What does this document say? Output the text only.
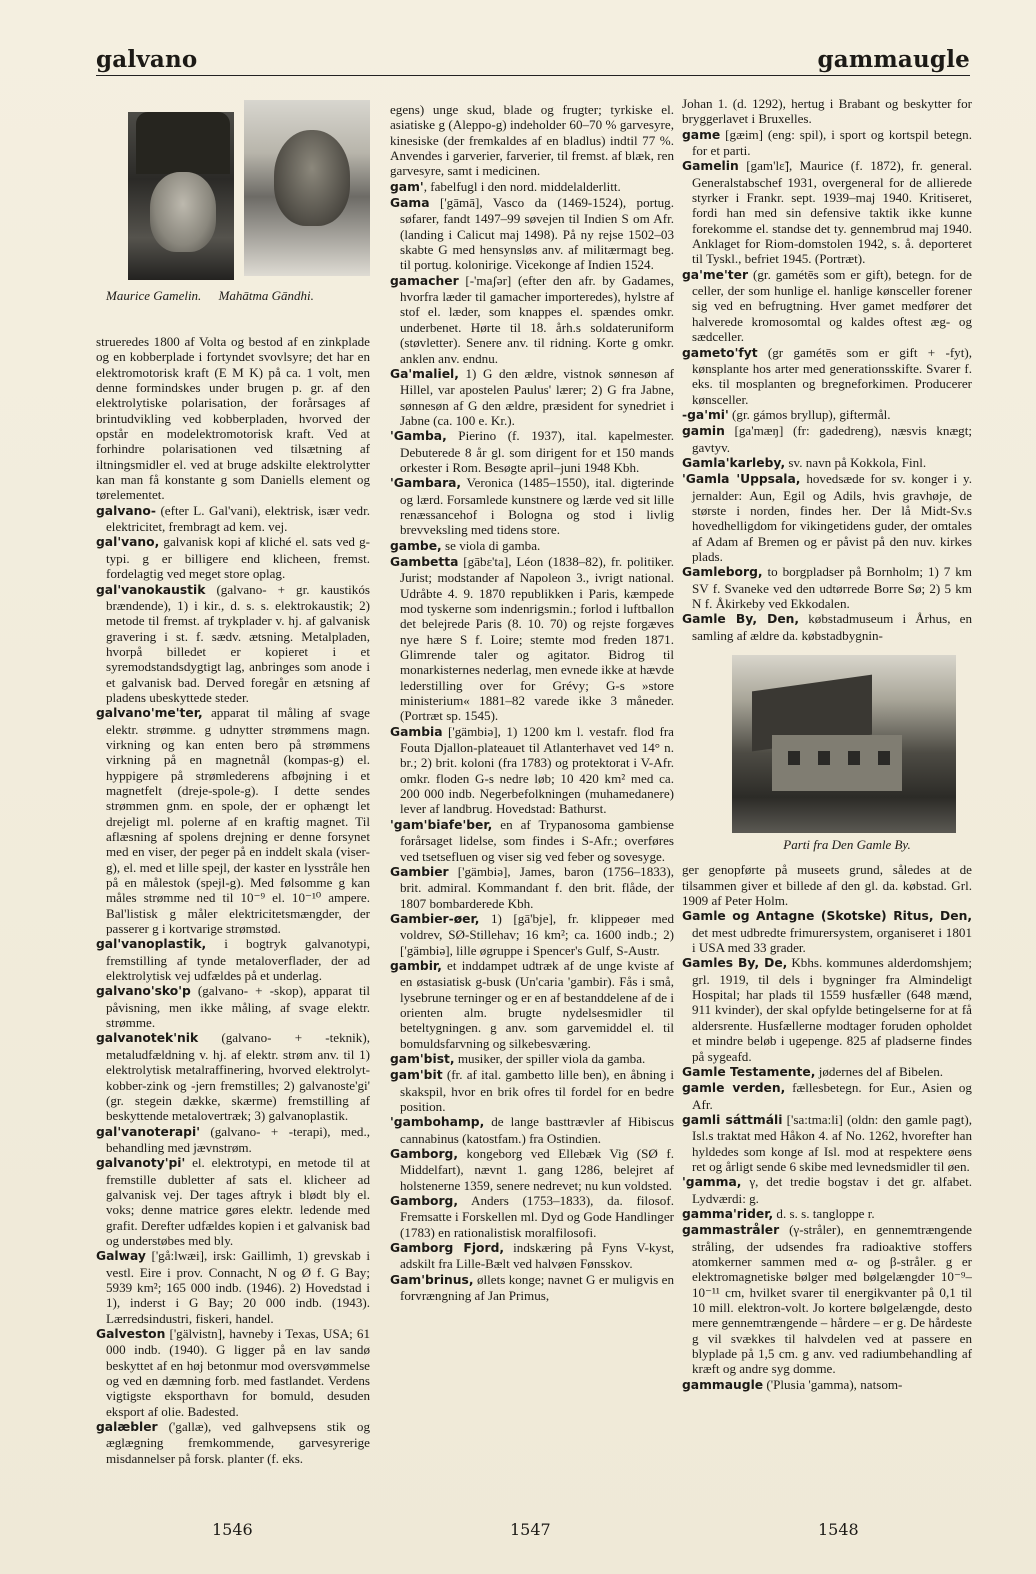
galvano	gammaugle
Maurice Gamelin. Mahātma Gāndhi.
strueredes 1800 af Volta og bestod af en zinkplade og en kobberplade i fortyndet svovlsyre; det har en elektromotorisk kraft (E M K) på ca. 1 volt, men denne formindskes under brugen p. gr. af den elektrolytiske polarisation, der forårsages af brintudvikling ved kobberpladen, hvorved der opstår en modelektromotorisk kraft. Ved at forhindre polarisationen ved tilsætning af iltningsmidler el. ved at bruge adskilte elektrolytter kan man få konstante g som Daniells element og tørelementet.
galvano- (efter L. Gal'vani), elektrisk, især vedr. elektricitet, frembragt ad kem. vej.
gal'vano, galvanisk kopi af kliché el. sats ved g-typi. g er billigere end klicheen, fremst. fordelagtig ved meget store oplag.
gal'vanokaustik (galvano- + gr. kaustikós brændende), 1) i kir., d. s. s. elektrokaustik; 2) metode til fremst. af trykplader v. hj. af galvanisk gravering i st. f. sædv. ætsning. Metalpladen, hvorpå billedet er kopieret i et syremodstandsdygtigt lag, anbringes som anode i et galvanisk bad. Derved foregår en ætsning af pladens ubeskyttede steder.
galvano'me'ter, apparat til måling af svage elektr. strømme. g udnytter strømmens magn. virkning og kan enten bero på strømmens virkning på en magnetnål (kompas-g) el. hyppigere på strømlederens afbøjning i et magnetfelt (dreje-spole-g). I dette sendes strømmen gnm. en spole, der er ophængt let drejeligt ml. polerne af en kraftig magnet. Til aflæsning af spolens drejning er denne forsynet med en viser, der peger på en inddelt skala (viser-g), el. med et lille spejl, der kaster en lysstråle hen på en målestok (spejl-g). Med følsomme g kan måles strømme ned til 10⁻⁹ el. 10⁻¹⁰ ampere. Bal'listisk g måler elektricitetsmængder, der passerer g i kortvarige strømstød.
gal'vanoplastik, i bogtryk galvanotypi, fremstilling af tynde metaloverflader, der ad elektrolytisk vej udfældes på et underlag.
galvano'sko'p (galvano- + -skop), apparat til påvisning, men ikke måling, af svage elektr. strømme.
galvanotek'nik (galvano- + -teknik), metaludfældning v. hj. af elektr. strøm anv. til 1) elektrolytisk metalraffinering, hvorved elektrolyt-kobber-zink og -jern fremstilles; 2) galvanoste'gi' (gr. stegein dække, skærme) fremstilling af beskyttende metalovertræk; 3) galvanoplastik.
gal'vanoterapi' (galvano- + -terapi), med., behandling med jævnstrøm.
galvanoty'pi' el. elektrotypi, en metode til at fremstille dubletter af sats el. klicheer ad galvanisk vej. Der tages aftryk i blødt bly el. voks; denne matrice gøres elektr. ledende med grafit. Derefter udfældes kopien i et galvanisk bad og understøbes med bly.
Galway ['gå:lwæi], irsk: Gaillimh, 1) grevskab i vestl. Eire i prov. Connacht, N og Ø f. G Bay; 5939 km²; 165 000 indb. (1946). 2) Hovedstad i 1), inderst i G Bay; 20 000 indb. (1943). Lærredsindustri, fiskeri, handel.
Galveston ['gälvistn], havneby i Texas, USA; 61 000 indb. (1940). G ligger på en lav sandø beskyttet af en høj betonmur mod oversvømmelse og ved en dæmning forb. med fastlandet. Verdens vigtigste eksporthavn for bomuld, desuden eksport af olie. Badested.
galæbler ('gallæ), ved galhvepsens stik og æglægning fremkommende, garvesyrerige misdannelser på forsk. planter (f. eks.
egens) unge skud, blade og frugter; tyrkiske el. asiatiske g (Aleppo-g) indeholder 60–70 % garvesyre, kinesiske (der fremkaldes af en bladlus) indtil 77 %. Anvendes i garverier, farverier, til fremst. af blæk, ren garvesyre, samt i medicinen.
gam', fabelfugl i den nord. middelalderlitt.
Gama ['gāmā], Vasco da (1469-1524), portug. søfarer, fandt 1497–99 søvejen til Indien S om Afr. (landing i Calicut maj 1498). På ny rejse 1502–03 skabte G med hensynsløs anv. af militærmagt beg. til portug. kolonirige. Vicekonge af Indien 1524.
gamacher [-'maʃər] (efter den afr. by Gadames, hvorfra læder til gamacher importeredes), hylstre af stof el. læder, som knappes el. spændes omkr. underbenet. Hørte til 18. årh.s soldateruniform (støvletter). Senere anv. til ridning. Korte g omkr. anklen anv. endnu.
Ga'maliel, 1) G den ældre, vistnok sønnesøn af Hillel, var apostelen Paulus' lærer; 2) G fra Jabne, sønnesøn af G den ældre, præsident for synedriet i Jabne (ca. 100 e. Kr.).
'Gamba, Pierino (f. 1937), ital. kapelmester. Debuterede 8 år gl. som dirigent for et 150 mands orkester i Rom. Besøgte april–juni 1948 Kbh.
'Gambara, Veronica (1485–1550), ital. digterinde og lærd. Forsamlede kunstnere og lærde ved sit lille renæssancehof i Bologna og stod i livlig brevveksling med tidens store.
gambe, se viola di gamba.
Gambetta [gābɛ'ta], Léon (1838–82), fr. politiker. Jurist; modstander af Napoleon 3., ivrigt national. Udråbte 4. 9. 1870 republikken i Paris, kæmpede mod tyskerne som indenrigsmin.; forlod i luftballon det belejrede Paris (8. 10. 70) og rejste forgæves nye hære S f. Loire; stemte mod freden 1871. Glimrende taler og agitator. Bidrog til monarkisternes nederlag, men evnede ikke at hævde lederstilling over for Grévy; G-s »store ministerium« 1881–82 varede ikke 3 måneder. (Portræt sp. 1545).
Gambia ['gämbiə], 1) 1200 km l. vestafr. flod fra Fouta Djallon-plateauet til Atlanterhavet ved 14° n. br.; 2) brit. koloni (fra 1783) og protektorat i V-Afr. omkr. floden G-s nedre løb; 10 420 km² med ca. 200 000 indb. Negerbefolkningen (muhamedanere) lever af landbrug. Hovedstad: Bathurst.
'gam'biafe'ber, en af Trypanosoma gambiense forårsaget lidelse, som findes i S-Afr.; overføres ved tsetsefluen og viser sig ved feber og sovesyge.
Gambier ['gämbiə], James, baron (1756–1833), brit. admiral. Kommandant f. den brit. flåde, der 1807 bombarderede Kbh.
Gambier-øer, 1) [gā'bje], fr. klippeøer med voldrev, SØ-Stillehav; 16 km²; ca. 1600 indb.; 2) ['gämbiə], lille øgruppe i Spencer's Gulf, S-Austr.
gambir, et inddampet udtræk af de unge kviste af en østasiatisk g-busk (Un'caria 'gambir). Fås i små, lysebrune terninger og er en af bestanddelene af de i orienten alm. brugte nydelsesmidler til beteltygningen. g anv. som garvemiddel el. til bomuldsfarvning og silkebesværing.
gam'bist, musiker, der spiller viola da gamba.
gam'bit (fr. af ital. gambetto lille ben), en åbning i skakspil, hvor en brik ofres til fordel for en bedre position.
'gambohamp, de lange basttrævler af Hibiscus cannabinus (katostfam.) fra Ostindien.
Gamborg, kongeborg ved Ellebæk Vig (SØ f. Middelfart), nævnt 1. gang 1286, belejret af holstenerne 1359, senere nedrevet; nu kun voldsted.
Gamborg, Anders (1753–1833), da. filosof. Fremsatte i Forskellen ml. Dyd og Gode Handlinger (1783) en rationalistisk moralfilosofi.
Gamborg Fjord, indskæring på Fyns V-kyst, adskilt fra Lille-Bælt ved halvøen Fønsskov.
Gam'brinus, øllets konge; navnet G er muligvis en forvrængning af Jan Primus,
Johan 1. (d. 1292), hertug i Brabant og beskytter for bryggerlavet i Bruxelles.
game [gæim] (eng: spil), i sport og kortspil betegn. for et parti.
Gamelin [gam'lɛ̃], Maurice (f. 1872), fr. general. Generalstabschef 1931, overgeneral for de allierede styrker i Frankr. sept. 1939–maj 1940. Kritiseret, fordi han med sin defensive taktik ikke kunne forekomme el. standse det ty. gennembrud maj 1940. Anklaget for Riom-domstolen 1942, s. å. deporteret til Tyskl., befriet 1945. (Portræt).
ga'me'ter (gr. gamétēs som er gift), betegn. for de celler, der som hunlige el. hanlige kønsceller forener sig ved en befrugtning. Hver gamet medfører det halverede kromosomtal og kaldes oftest æg- og sædceller.
gameto'fyt (gr gamétēs som er gift + -fyt), kønsplante hos arter med generationsskifte. Svarer f. eks. til mosplanten og bregneforkimen. Producerer kønsceller.
-ga'mi' (gr. gámos bryllup), giftermål.
gamin [ga'mæŋ] (fr: gadedreng), næsvis knægt; gavtyv.
Gamla'karleby, sv. navn på Kokkola, Finl.
'Gamla 'Uppsala, hovedsæde for sv. konger i y. jernalder: Aun, Egil og Adils, hvis gravhøje, de største i norden, findes her. Der lå Midt-Sv.s hovedhelligdom for vikingetidens guder, der omtales af Adam af Bremen og er påvist på den nuv. kirkes plads.
Gamleborg, to borgpladser på Bornholm; 1) 7 km SV f. Svaneke ved den udtørrede Borre Sø; 2) 5 km N f. Åkirkeby ved Ekkodalen.
Gamle By, Den, købstadmuseum i Århus, en samling af ældre da. købstadbygnin-
Parti fra Den Gamle By.
ger genopførte på museets grund, således at de tilsammen giver et billede af den gl. da. købstad. Grl. 1909 af Peter Holm.
Gamle og Antagne (Skotske) Ritus, Den, det mest udbredte frimurersystem, organiseret i 1801 i USA med 33 grader.
Gamles By, De, Kbhs. kommunes alderdomshjem; grl. 1919, til dels i bygninger fra Almindeligt Hospital; har plads til 1559 husfæller (648 mænd, 911 kvinder), der skal opfylde betingelserne for at få aldersrente. Husfællerne modtager foruden opholdet et mindre beløb i ugepenge. 825 af pladserne findes på sygeafd.
Gamle Testamente, jødernes del af Bibelen.
gamle verden, fællesbetegn. for Eur., Asien og Afr.
gamli sáttmáli ['sa:tma:li] (oldn: den gamle pagt), Isl.s traktat med Håkon 4. af No. 1262, hvorefter han hyldedes som konge af Isl. mod at respektere øens ret og årligt sende 6 skibe med levnedsmidler til øen.
'gamma, γ, det tredie bogstav i det gr. alfabet. Lydværdi: g.
gamma'rider, d. s. s. tangloppe r.
gammastråler (γ-stråler), en gennemtrængende stråling, der udsendes fra radioaktive stoffers atomkerner sammen med α- og β-stråler. g er elektromagnetiske bølger med bølgelængder 10⁻⁹–10⁻¹¹ cm, hvilket svarer til energikvanter på 0,1 til 10 mill. elektron-volt. Jo kortere bølgelængde, desto mere gennemtrængende – hårdere – er g. De hårdeste g vil svækkes til halvdelen ved at passere en blyplade på 1,5 cm. g anv. ved radiumbehandling af kræft og andre syg domme.
gammaugle ('Plusia 'gamma), natsom-
1546	1547	1548
